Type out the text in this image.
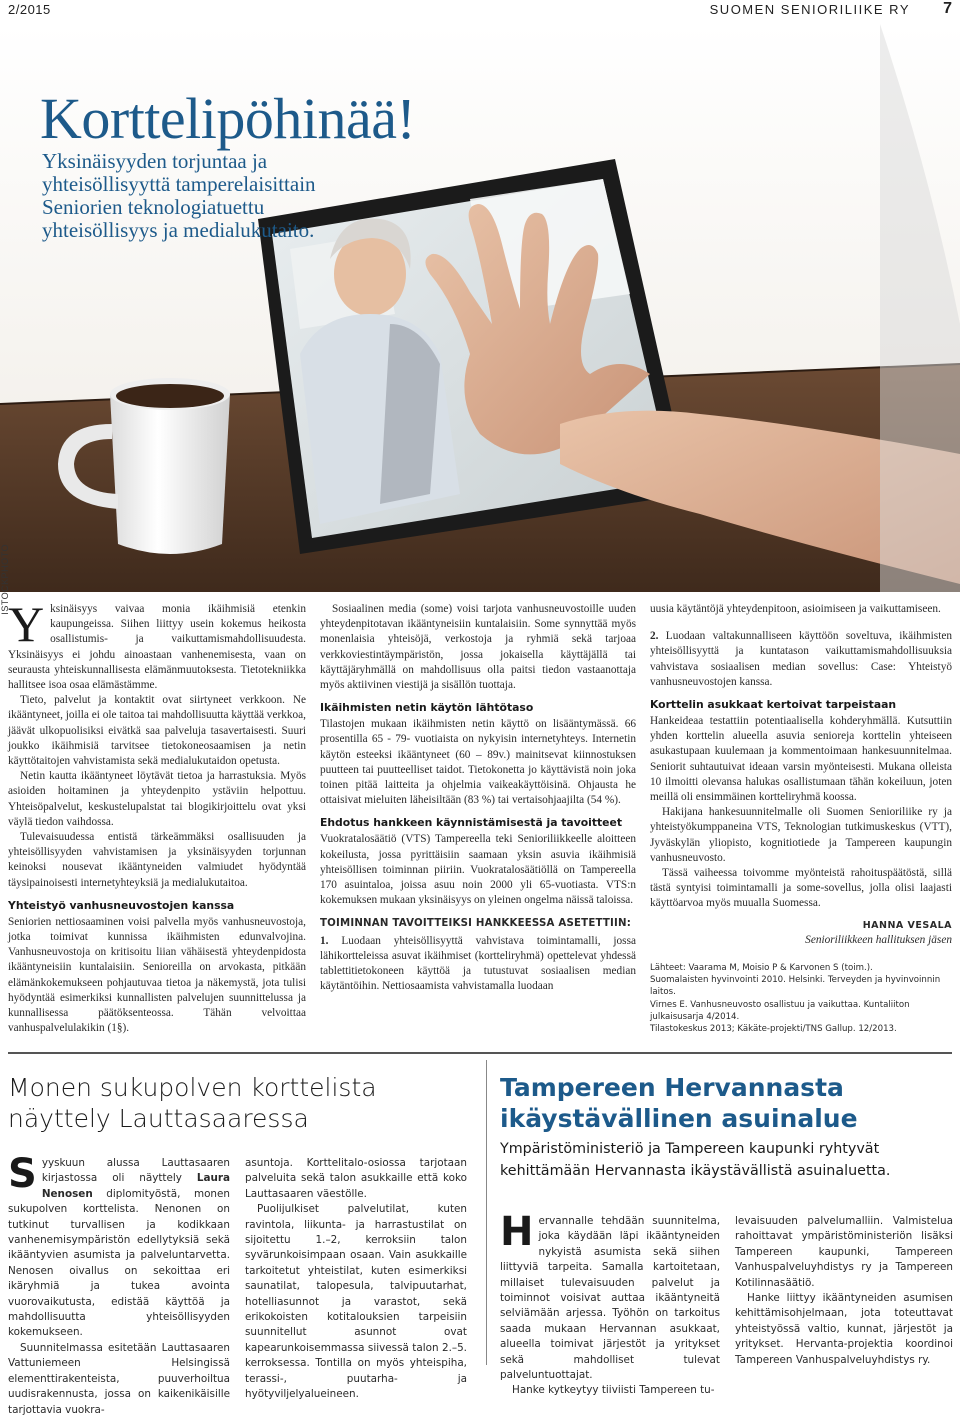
2/2015	SUOMEN SENIORILIIKE RY 7
ISTOCKPHOTO
Korttelipöhinää!
Yksinäisyyden torjuntaa ja yhteisöllisyyttä tamperelaisittain Seniorien teknologiatuettu yhteisöllisyys ja medialukutaito.

Yksinäisyys vaivaa monia ikäihmisiä etenkin kaupungeissa. Siihen liittyy usein kokemus heikosta osallistumis- ja vaikuttamismahdollisuudesta. Yksinäisyys ei johdu ainoastaan vanhenemisesta, vaan on seurausta yhteiskunnallisesta elämänmuutoksesta. Tietotekniikka hallitsee isoa osaa elämästämme.

Tieto, palvelut ja kontaktit ovat siirtyneet verkkoon. Ne ikääntyneet, joilla ei ole taitoa tai mahdollisuutta käyttää verkkoa, jäävät ulkopuolisiksi eivätkä saa palveluja tasavertaisesti. Suuri joukko ikäihmisiä tarvitsee tietokoneosaamisen ja netin käyttötaitojen vahvistamista sekä medialukutaidon opetusta.

Netin kautta ikääntyneet löytävät tietoa ja harrastuksia. Myös asioiden hoitaminen ja yhteydenpito ystäviin helpottuu. Yhteisöpalvelut, keskustelupalstat tai blogikirjoittelu ovat yksi väylä tiedon vaihdossa.

Tulevaisuudessa entistä tärkeämmäksi osallisuuden ja yhteisöllisyyden vahvistamisen ja yksinäisyyden torjunnan keinoksi nousevat ikääntyneiden valmiudet hyödyntää täysipainoisesti internetyhteyksiä ja medialukutaitoa.

Yhteistyö vanhusneuvostojen kanssa

Seniorien nettiosaaminen voisi palvella myös vanhusneuvostoja, jotka toimivat kunnissa ikäihmisten edunvalvojina. Vanhusneuvostoja on kritisoitu liian vähäisestä yhteydenpidosta ikääntyneisiin kuntalaisiin. Senioreilla on arvokasta, pitkään elämänkokemukseen pohjautuvaa tietoa ja näkemystä, jota tulisi hyödyntää esimerkiksi kunnallisten palvelujen suunnittelussa ja kunnallisessa päätöksenteossa. Tähän velvoittaa vanhuspalvelulakikin (1§).

Sosiaalinen media (some) voisi tarjota vanhusneuvostoille uuden yhteydenpitotavan ikääntyneisiin kuntalaisiin. Some synnyttää myös monenlaisia yhteisöjä, verkostoja ja ryhmiä sekä tarjoaa verkkoviestintäympäristön, jossa jokaisella käyttäjällä tai käyttäjäryhmällä on mahdollisuus olla paitsi tiedon vastaanottaja myös aktiivinen viestijä ja sisällön tuottaja.

Ikäihmisten netin käytön lähtötaso

Tilastojen mukaan ikäihmisten netin käyttö on lisääntymässä. 66 prosentilla 65 - 79- vuotiaista on nykyisin internetyhteys. Internetin käytön esteeksi ikääntyneet (60 – 89v.) mainitsevat kiinnostuksen puutteen tai puutteelliset taidot. Tietokonetta jo käyttävistä noin joka toinen pitää laitteita ja ohjelmia vaikeakäyttöisinä. Ohjausta he ottaisivat mieluiten läheisiltään (83 %) tai vertaisohjaajilta (54 %).

Ehdotus hankkeen käynnistämisestä ja tavoitteet

Vuokratalosäätiö (VTS) Tampereella teki Senioriliikkeelle aloitteen kokeilusta, jossa pyrittäisiin saamaan yksin asuvia ikäihmisiä yhteisöllisen toiminnan piiriin. Vuokratalosäätiöllä on Tampereella 170 asuintaloa, joissa asuu noin 2000 yli 65-vuotiasta. VTS:n kokemuksen mukaan yksinäisyys on yleinen ongelma näissä taloissa.

TOIMINNAN TAVOITTEIKSI HANKKEESSA ASETETTIIN:

1. Luodaan yhteisöllisyyttä vahvistava toimintamalli, jossa lähikortteleissa asuvat ikäihmiset (kortteliryhmä) opettelevat yhdessä tablettitietokoneen käyttöä ja tutustuvat sosiaalisen median käytäntöihin. Nettiosaamista vahvistamalla luodaan

uusia käytäntöjä yhteydenpitoon, asioimiseen ja vaikuttamiseen.

2. Luodaan valtakunnalliseen käyttöön soveltuva, ikäihmisten yhteisöllisyyttä ja kuntatason vaikuttamismahdollisuuksia vahvistava sosiaalisen median sovellus: Case: Yhteistyö vanhusneuvostojen kanssa.

Korttelin asukkaat kertoivat tarpeistaan

Hankeideaa testattiin potentiaalisella kohderyhmällä. Kutsuttiin yhden korttelin alueella asuvia senioreja korttelin yhteiseen asukastupaan kuulemaan ja kommentoimaan hankesuunnitelmaa. Seniorit suhtautuivat ideaan varsin myönteisesti. Mukana olleista 10 ilmoitti olevansa halukas osallistumaan tähän kokeiluun, joten meillä oli ensimmäinen kortteliryhmä koossa.

Hakijana hankesuunnitelmalle oli Suomen Senioriliike ry ja yhteistyökumppaneina VTS, Teknologian tutkimuskeskus (VTT), Jyväskylän yliopisto, kognitiotiede ja Tampereen kaupungin vanhusneuvosto.

Tässä vaiheessa toivomme myönteistä rahoituspäätöstä, sillä tästä syntyisi toimintamalli ja some-sovellus, jolla olisi laajasti käyttöarvoa myös muualla Suomessa.

HANNA VESALA
Senioriliikkeen hallituksen jäsen
Lähteet: Vaarama M, Moisio P & Karvonen S (toim.).
Suomalaisten hyvinvointi 2010. Helsinki. Terveyden ja hyvinvoinnin laitos.
Virnes E. Vanhusneuvosto osallistuu ja vaikuttaa. Kuntaliiton julkaisusarja 4/2014.
Tilastokeskus 2013; Käkäte-projekti/TNS Gallup. 12/2013.
Monen sukupolven korttelista näyttely Lauttasaaressa

Syyskuun alussa Lauttasaaren kirjastossa oli näyttely Laura Nenosen diplomityöstä, monen sukupolven korttelista. Nenonen on tutkinut turvallisen ja kodikkaan vanhenemisympäristön edellytyksiä sekä ikääntyvien asumista ja palveluntarvetta. Nenosen oivallus on sekoittaa eri ikäryhmiä ja tukea avointa vuorovaikutusta, edistää käyttöä ja mahdollisuutta yhteisöllisyyden kokemukseen.

Suunnitelmassa esitetään Lauttasaaren Vattuniemeen Helsingissä elementtirakenteista, puuverhoiltua uudisrakennusta, jossa on kaikenikäisille tarjottavia vuokra-

asuntoja. Korttelitalo-osiossa tarjotaan palveluita sekä talon asukkaille että koko Lauttasaaren väestölle.

Puolijulkiset palvelutilat, kuten ravintola, liikunta- ja harrastustilat on sijoitettu 1.–2, kerroksiin talon syvärunkoisimpaan osaan. Vain asukkaille tarkoitetut yhteistilat, kuten esimerkiksi saunatilat, talopesula, talvipuutarhat, hotelliasunnot ja varastot, sekä erikokoisten kotitalouksien tarpeisiin suunnitellut asunnot ovat kapearunkoisemmassa siivessä talon 2.–5. kerroksessa. Tontilla on myös yhteispiha, terassi-, puutarha- ja hyötyviljelyalueineen.

Tampereen Hervannasta ikäystävällinen asuinalue
Ympäristöministeriö ja Tampereen kaupunki ryhtyvät kehittämään Hervannasta ikäystävällistä asuinaluetta.

Hervannalle tehdään suunnitelma, joka käydään läpi ikääntyneiden nykyistä asumista sekä siihen liittyviä tarpeita. Samalla kartoitetaan, millaiset tulevaisuuden palvelut ja toiminnot voisivat auttaa ikääntyneitä selviämään arjessa. Työhön on tarkoitus saada mukaan Hervannan asukkaat, alueella toimivat järjestöt ja yritykset sekä mahdolliset tulevat palveluntuottajat.

Hanke kytkeytyy tiiviisti Tampereen tu-

levaisuuden palvelumalliin. Valmistelua rahoittavat ympäristöministeriön lisäksi Tampereen kaupunki, Tampereen Vanhuspalveluyhdistys ry ja Tampereen Kotilinnasäätiö.

Hanke liittyy ikääntyneiden asumisen kehittämisohjelmaan, jota toteuttavat yhteistyössä valtio, kunnat, järjestöt ja yritykset. Hervanta-projektia koordinoi Tampereen Vanhuspalveluyhdistys ry.
